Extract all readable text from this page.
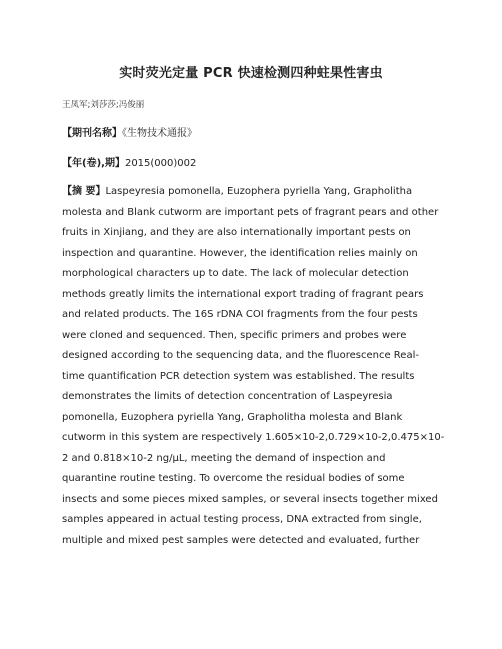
实时荧光定量 PCR 快速检测四种蛀果性害虫
王凤军;刘莎莎;冯俊丽
【期刊名称】《生物技术通报》
【年(卷),期】2015(000)002
【摘 要】Laspeyresia pomonella, Euzophera pyriella Yang, Grapholitha
molesta and Blank cutworm are important pets of fragrant pears and other
fruits in Xinjiang, and they are also internationally important pests on
inspection and quarantine. However, the identification relies mainly on
morphological characters up to date. The lack of molecular detection
methods greatly limits the international export trading of fragrant pears
and related products. The 16S rDNA COI fragments from the four pests
were cloned and sequenced. Then, specific primers and probes were
designed according to the sequencing data, and the fluorescence Real-
time quantification PCR detection system was established. The results
demonstrates the limits of detection concentration of Laspeyresia
pomonella, Euzophera pyriella Yang, Grapholitha molesta and Blank
cutworm in this system are respectively 1.605×10-2,0.729×10-2,0.475×10-
2 and 0.818×10-2 ng/μL, meeting the demand of inspection and
quarantine routine testing. To overcome the residual bodies of some
insects and some pieces mixed samples, or several insects together mixed
samples appeared in actual testing process, DNA extracted from single,
multiple and mixed pest samples were detected and evaluated, further
